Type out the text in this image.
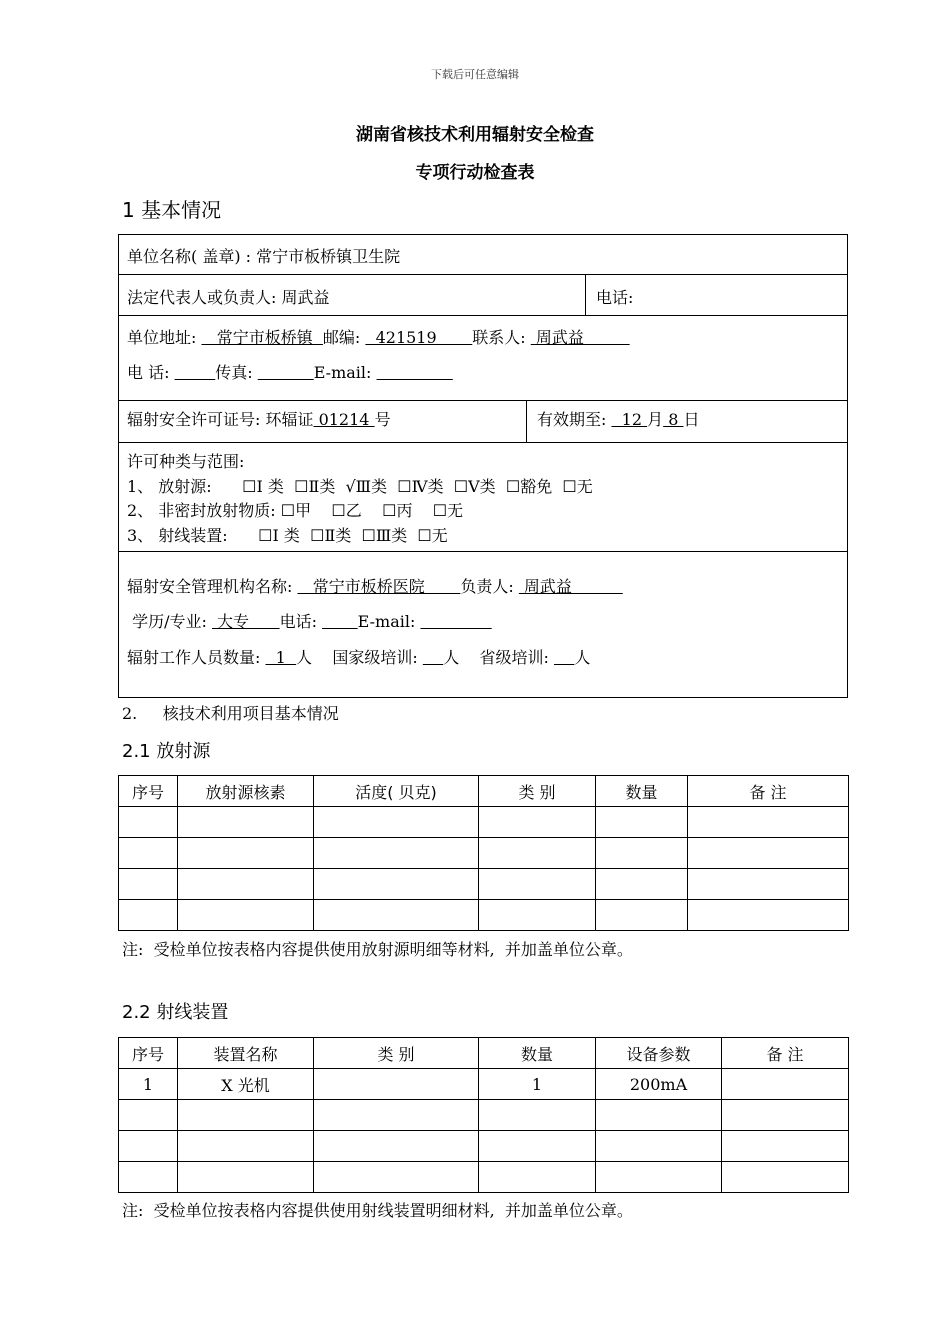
下载后可任意编辑
湖南省核技术利用辐射安全检查
专项行动检查表
1 基本情况
单位名称( 盖章) : 常宁市板桥镇卫生院
法定代表人或负责人: 周武益	电话:
单位地址:    常宁市板桥镇  邮编:   421519       联系人:  周武益
电 话:	传真:	E-mail:
辐射安全许可证号: 环辐证 01214 号	有效期至:   12 月 8 日
许可种类与范围:
1、 放射源:      ☐Ⅰ 类  ☐Ⅱ类  √Ⅲ类  ☐Ⅳ类  ☐Ⅴ类  ☐豁免  ☐无
2、 非密封放射物质: ☐甲    ☐乙    ☐丙    ☐无
3、 射线装置:      ☐Ⅰ 类  ☐Ⅱ类  ☐Ⅲ类  ☐无
辐射安全管理机构名称:    常宁市板桥医院       负责人:  周武益
学历/专业:  大专      电话:        E-mail:
辐射工作人员数量:   1  人    国家级培训:     人    省级培训:     人
2.     核技术利用项目基本情况
2.1 放射源
序号	放射源核素	活度( 贝克)	类 别	数量	备 注

注:  受检单位按表格内容提供使用放射源明细等材料,  并加盖单位公章。
2.2 射线装置
序号	装置名称	类 别	数量	设备参数	备 注
1	X 光机		1	200mA	

注:  受检单位按表格内容提供使用射线装置明细材料,  并加盖单位公章。
